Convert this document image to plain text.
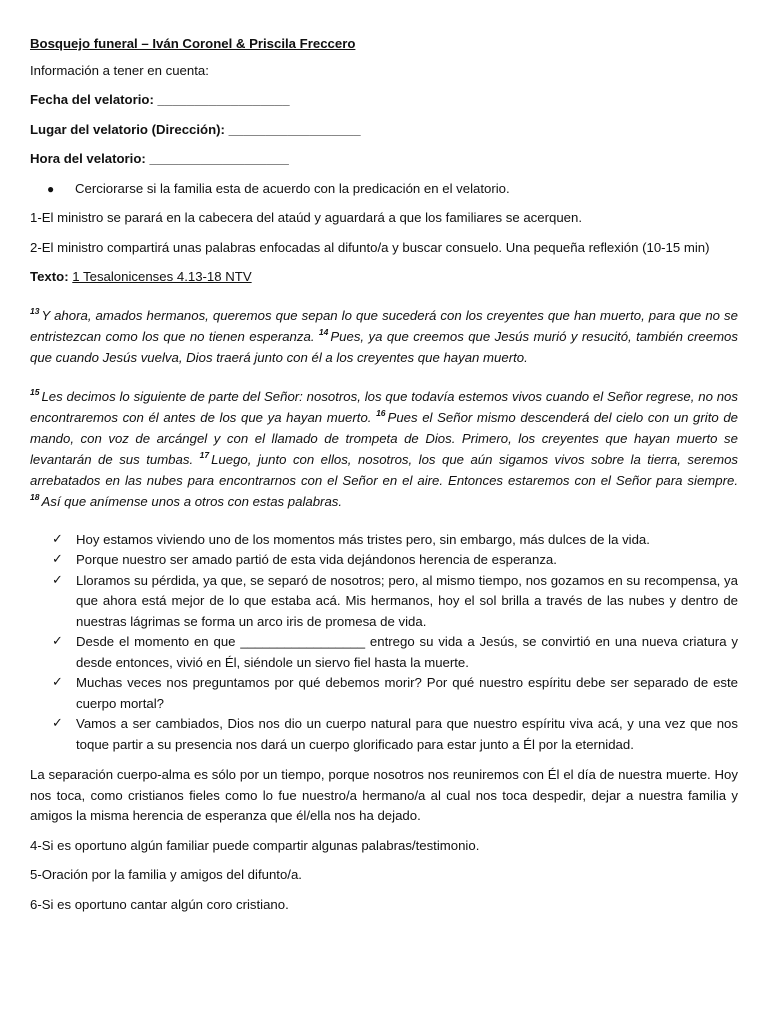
Bosquejo funeral – Iván Coronel & Priscila Freccero
Información a tener en cuenta:
Fecha del velatorio: __________________
Lugar del velatorio (Dirección): __________________
Hora del velatorio: ___________________
● Cerciorarse si la familia esta de acuerdo con la predicación en el velatorio.
1-El ministro se parará en la cabecera del ataúd y aguardará a que los familiares se acerquen.
2-El ministro compartirá unas palabras enfocadas al difunto/a y buscar consuelo. Una pequeña reflexión (10-15 min)
Texto: 1 Tesalonicenses 4.13-18 NTV

$^{13}$ Y ahora, amados hermanos, queremos que sepan lo que sucederá con los creyentes que han muerto, para que no se entristezcan como los que no tienen esperanza. $^{14}$ Pues, ya que creemos que Jesús murió y resucitó, también creemos que cuando Jesús vuelva, Dios traerá junto con él a los creyentes que hayan muerto.

$^{15}$ Les decimos lo siguiente de parte del Señor: nosotros, los que todavía estemos vivos cuando el Señor regrese, no nos encontraremos con él antes de los que ya hayan muerto. $^{16}$ Pues el Señor mismo descenderá del cielo con un grito de mando, con voz de arcángel y con el llamado de trompeta de Dios. Primero, los creyentes que hayan muerto se levantarán de sus tumbas. $^{17}$ Luego, junto con ellos, nosotros, los que aún sigamos vivos sobre la tierra, seremos arrebatados en las nubes para encontrarnos con el Señor en el aire. Entonces estaremos con el Señor para siempre. $^{18}$ Así que anímense unos a otros con estas palabras.

✓ Hoy estamos viviendo uno de los momentos más tristes pero, sin embargo, más dulces de la vida.
✓ Porque nuestro ser amado partió de esta vida dejándonos herencia de esperanza.
✓ Lloramos su pérdida, ya que, se separó de nosotros; pero, al mismo tiempo, nos gozamos en su recompensa, ya que ahora está mejor de lo que estaba acá. Mis hermanos, hoy el sol brilla a través de las nubes y dentro de nuestras lágrimas se forma un arco iris de promesa de vida.
✓ Desde el momento en que _________________ entrego su vida a Jesús, se convirtió en una nueva criatura y desde entonces, vivió en Él, siéndole un siervo fiel hasta la muerte.
✓ Muchas veces nos preguntamos por qué debemos morir? Por qué nuestro espíritu debe ser separado de este cuerpo mortal?
✓ Vamos a ser cambiados, Dios nos dio un cuerpo natural para que nuestro espíritu viva acá, y una vez que nos toque partir a su presencia nos dará un cuerpo glorificado para estar junto a Él por la eternidad.
La separación cuerpo-alma es sólo por un tiempo, porque nosotros nos reuniremos con Él el día de nuestra muerte. Hoy nos toca, como cristianos fieles como lo fue nuestro/a hermano/a al cual nos toca despedir, dejar a nuestra familia y amigos la misma herencia de esperanza que él/ella nos ha dejado.
4-Si es oportuno algún familiar puede compartir algunas palabras/testimonio.
5-Oración por la familia y amigos del difunto/a.
6-Si es oportuno cantar algún coro cristiano.
